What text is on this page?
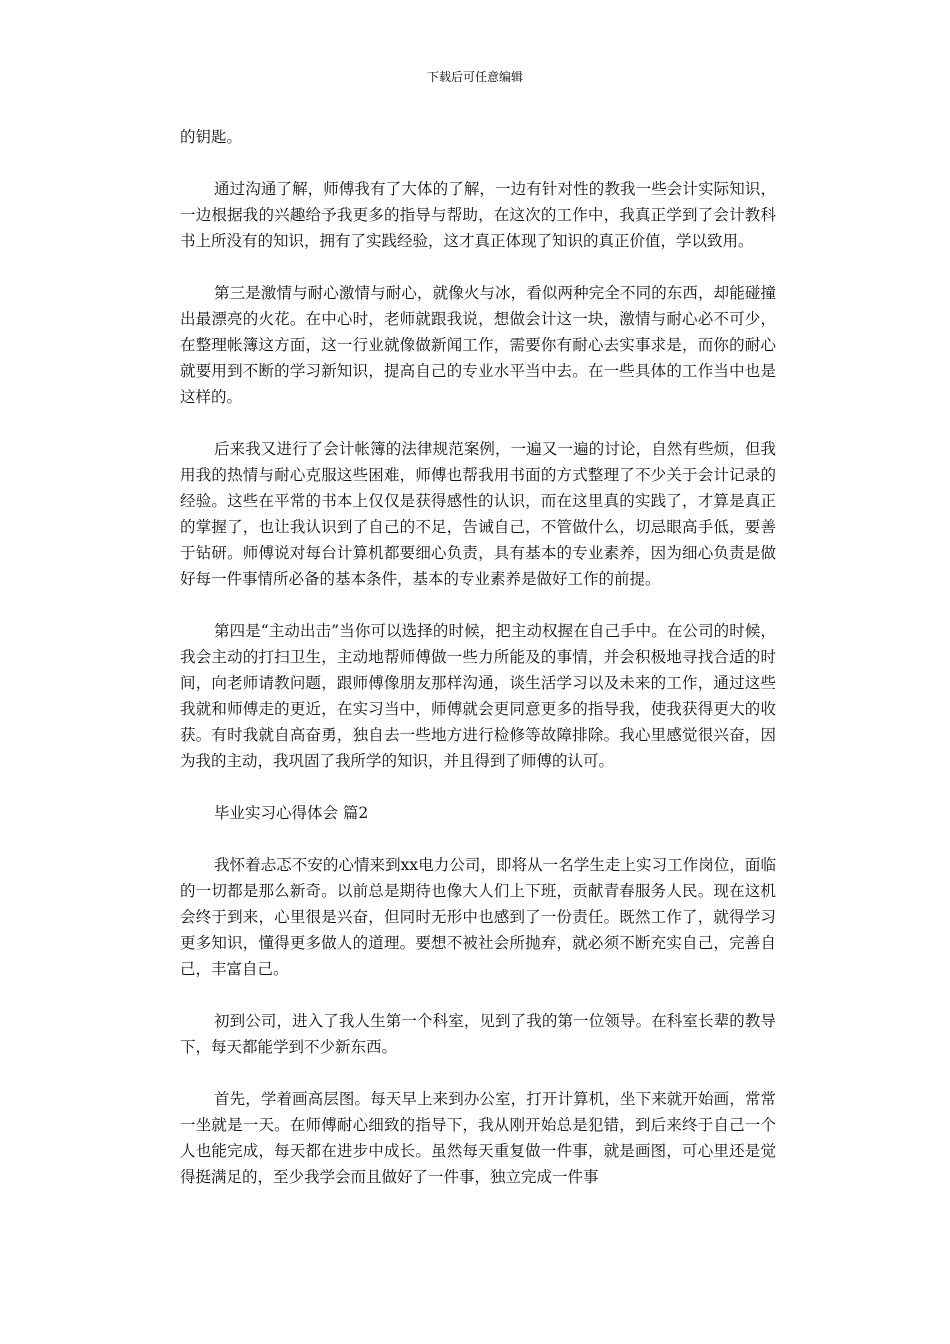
下载后可任意编辑

的钥匙。

通过沟通了解，师傅我有了大体的了解，一边有针对性的教我一些会计实际知识，一边根据我的兴趣给予我更多的指导与帮助，在这次的工作中，我真正学到了会计教科书上所没有的知识，拥有了实践经验，这才真正体现了知识的真正价值，学以致用。

第三是激情与耐心激情与耐心，就像火与冰，看似两种完全不同的东西，却能碰撞出最漂亮的火花。在中心时，老师就跟我说，想做会计这一块，激情与耐心必不可少，在整理帐簿这方面，这一行业就像做新闻工作，需要你有耐心去实事求是，而你的耐心就要用到不断的学习新知识，提高自己的专业水平当中去。在一些具体的工作当中也是这样的。

后来我又进行了会计帐簿的法律规范案例，一遍又一遍的讨论，自然有些烦，但我用我的热情与耐心克服这些困难，师傅也帮我用书面的方式整理了不少关于会计记录的经验。这些在平常的书本上仅仅是获得感性的认识，而在这里真的实践了，才算是真正的掌握了，也让我认识到了自己的不足，告诫自己，不管做什么，切忌眼高手低，要善于钻研。师傅说对每台计算机都要细心负责，具有基本的专业素养，因为细心负责是做好每一件事情所必备的基本条件，基本的专业素养是做好工作的前提。

第四是“主动出击”当你可以选择的时候，把主动权握在自己手中。在公司的时候，我会主动的打扫卫生，主动地帮师傅做一些力所能及的事情，并会积极地寻找合适的时间，向老师请教问题，跟师傅像朋友那样沟通，谈生活学习以及未来的工作，通过这些我就和师傅走的更近，在实习当中，师傅就会更同意更多的指导我，使我获得更大的收获。有时我就自高奋勇，独自去一些地方进行检修等故障排除。我心里感觉很兴奋，因为我的主动，我巩固了我所学的知识，并且得到了师傅的认可。

毕业实习心得体会 篇2

我怀着忐忑不安的心情来到xx电力公司，即将从一名学生走上实习工作岗位，面临的一切都是那么新奇。以前总是期待也像大人们上下班，贡献青春服务人民。现在这机会终于到来，心里很是兴奋，但同时无形中也感到了一份责任。既然工作了，就得学习更多知识，懂得更多做人的道理。要想不被社会所抛弃，就必须不断充实自己，完善自己，丰富自己。

初到公司，进入了我人生第一个科室，见到了我的第一位领导。在科室长辈的教导下，每天都能学到不少新东西。

首先，学着画高层图。每天早上来到办公室，打开计算机，坐下来就开始画，常常一坐就是一天。在师傅耐心细致的指导下，我从刚开始总是犯错，到后来终于自己一个人也能完成，每天都在进步中成长。虽然每天重复做一件事，就是画图，可心里还是觉得挺满足的，至少我学会而且做好了一件事，独立完成一件事
